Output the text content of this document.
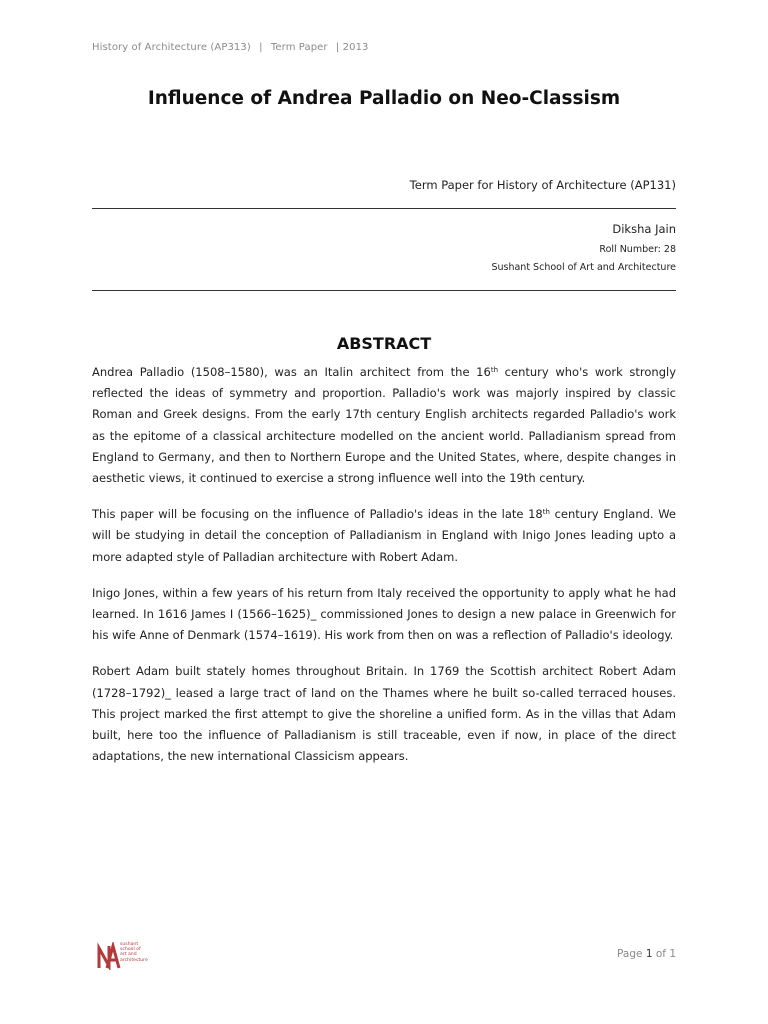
History of Architecture (AP313) | Term Paper | 2013
Influence of Andrea Palladio on Neo-Classism
Term Paper for History of Architecture (AP131)
Diksha Jain
Roll Number: 28
Sushant School of Art and Architecture
ABSTRACT

Andrea Palladio (1508–1580), was an Italin architect from the 16th century who's work strongly reflected the ideas of symmetry and proportion. Palladio's work was majorly inspired by classic Roman and Greek designs. From the early 17th century English architects regarded Palladio's work as the epitome of a classical architecture modelled on the ancient world. Palladianism spread from England to Germany, and then to Northern Europe and the United States, where, despite changes in aesthetic views, it continued to exercise a strong influence well into the 19th century.

This paper will be focusing on the influence of Palladio's ideas in the late 18th century England. We will be studying in detail the conception of Palladianism in England with Inigo Jones leading upto a more adapted style of Palladian architecture with Robert Adam.

Inigo Jones, within a few years of his return from Italy received the opportunity to apply what he had learned. In 1616 James I (1566–1625)_ commissioned Jones to design a new palace in Greenwich for his wife Anne of Denmark (1574–1619). His work from then on was a reflection of Palladio's ideology.

Robert Adam built stately homes throughout Britain. In 1769 the Scottish architect Robert Adam (1728–1792)_ leased a large tract of land on the Thames where he built so-called terraced houses. This project marked the first attempt to give the shoreline a unified form. As in the villas that Adam built, here too the influence of Palladianism is still traceable, even if now, in place of the direct adaptations, the new international Classicism appears.

sushant
school of
art and
architecture
Page 1 of 1
